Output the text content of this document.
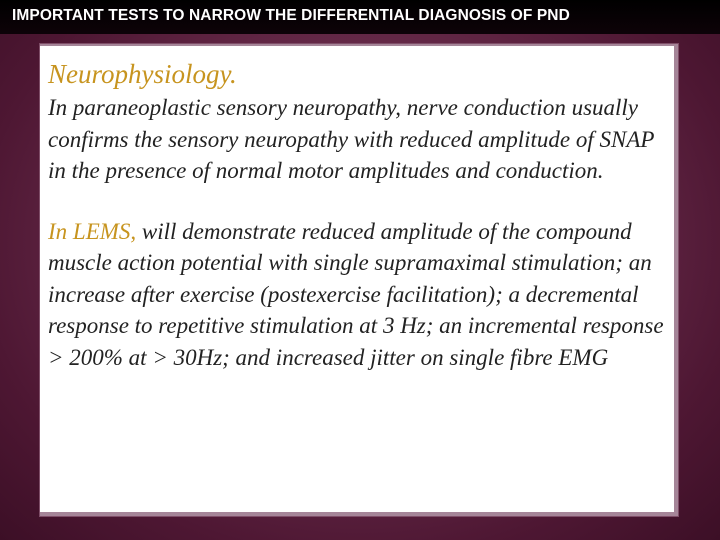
IMPORTANT TESTS TO NARROW THE DIFFERENTIAL DIAGNOSIS OF PND
Neurophysiology.

In paraneoplastic sensory neuropathy, nerve conduction usually confirms the sensory neuropathy with reduced amplitude of SNAP in the presence of normal motor amplitudes and conduction.

In LEMS, will demonstrate reduced amplitude of the compound muscle action potential with single supramaximal stimulation; an increase after exercise (postexercise facilitation); a decremental response to repetitive stimulation at 3 Hz; an incremental response > 200% at > 30Hz; and increased jitter on single fibre EMG
